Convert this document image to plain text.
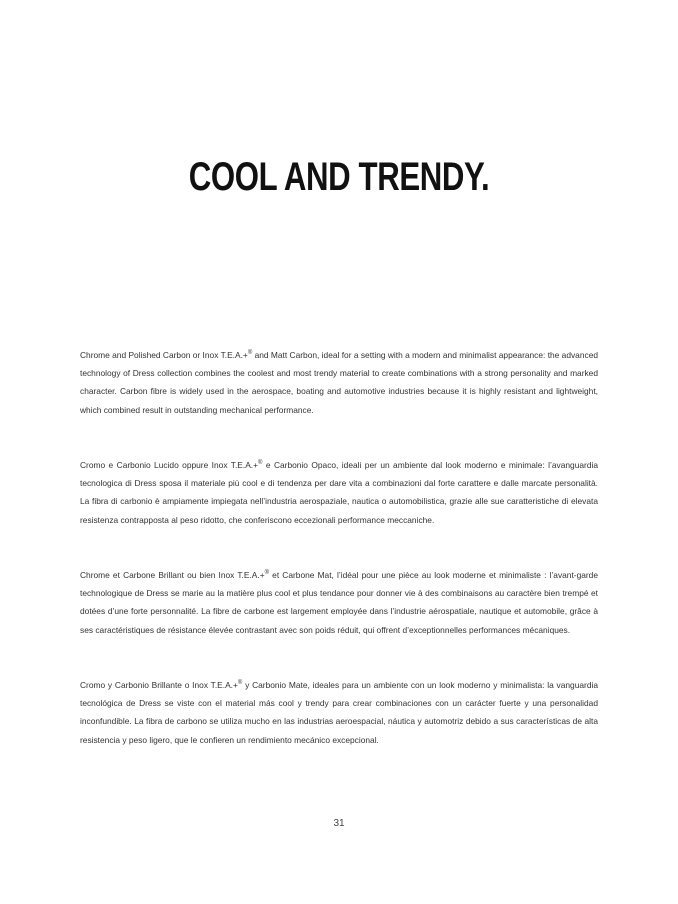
COOL AND TRENDY.

Chrome and Polished Carbon or Inox T.E.A.+® and Matt Carbon, ideal for a setting with a modern and minimalist appearance: the advanced technology of Dress collection combines the coolest and most trendy material to create combinations with a strong personality and marked character. Carbon fibre is widely used in the aerospace, boating and automotive industries because it is highly resistant and lightweight, which combined result in outstanding mechanical performance.

Cromo e Carbonio Lucido oppure Inox T.E.A.+® e Carbonio Opaco, ideali per un ambiente dal look moderno e minimale: l’avanguardia tecnologica di Dress sposa il materiale più cool e di tendenza per dare vita a combinazioni dal forte carattere e dalle marcate personalità. La fibra di carbonio è ampiamente impiegata nell’industria aerospaziale, nautica o automobilistica, grazie alle sue caratteristiche di elevata resistenza contrapposta al peso ridotto, che conferiscono eccezionali performance meccaniche.

Chrome et Carbone Brillant ou bien Inox T.E.A.+® et Carbone Mat, l’idéal pour une pièce au look moderne et minimaliste : l’avant-garde technologique de Dress se marie au la matière plus cool et plus tendance pour donner vie à des combinaisons au caractère bien trempé et dotées d’une forte personnalité. La fibre de carbone est largement employée dans l’industrie aérospatiale, nautique et automobile, grâce à ses caractéristiques de résistance élevée contrastant avec son poids réduit, qui offrent d’exceptionnelles performances mécaniques.

Cromo y Carbonio Brillante o Inox T.E.A.+® y Carbonio Mate, ideales para un ambiente con un look moderno y minimalista: la vanguardia tecnológica de Dress se viste con el material más cool y trendy para crear combinaciones con un carácter fuerte y una personalidad inconfundible. La fibra de carbono se utiliza mucho en las industrias aeroespacial, náutica y automotriz debido a sus características de alta resistencia y peso ligero, que le confieren un rendimiento mecánico excepcional.

31
